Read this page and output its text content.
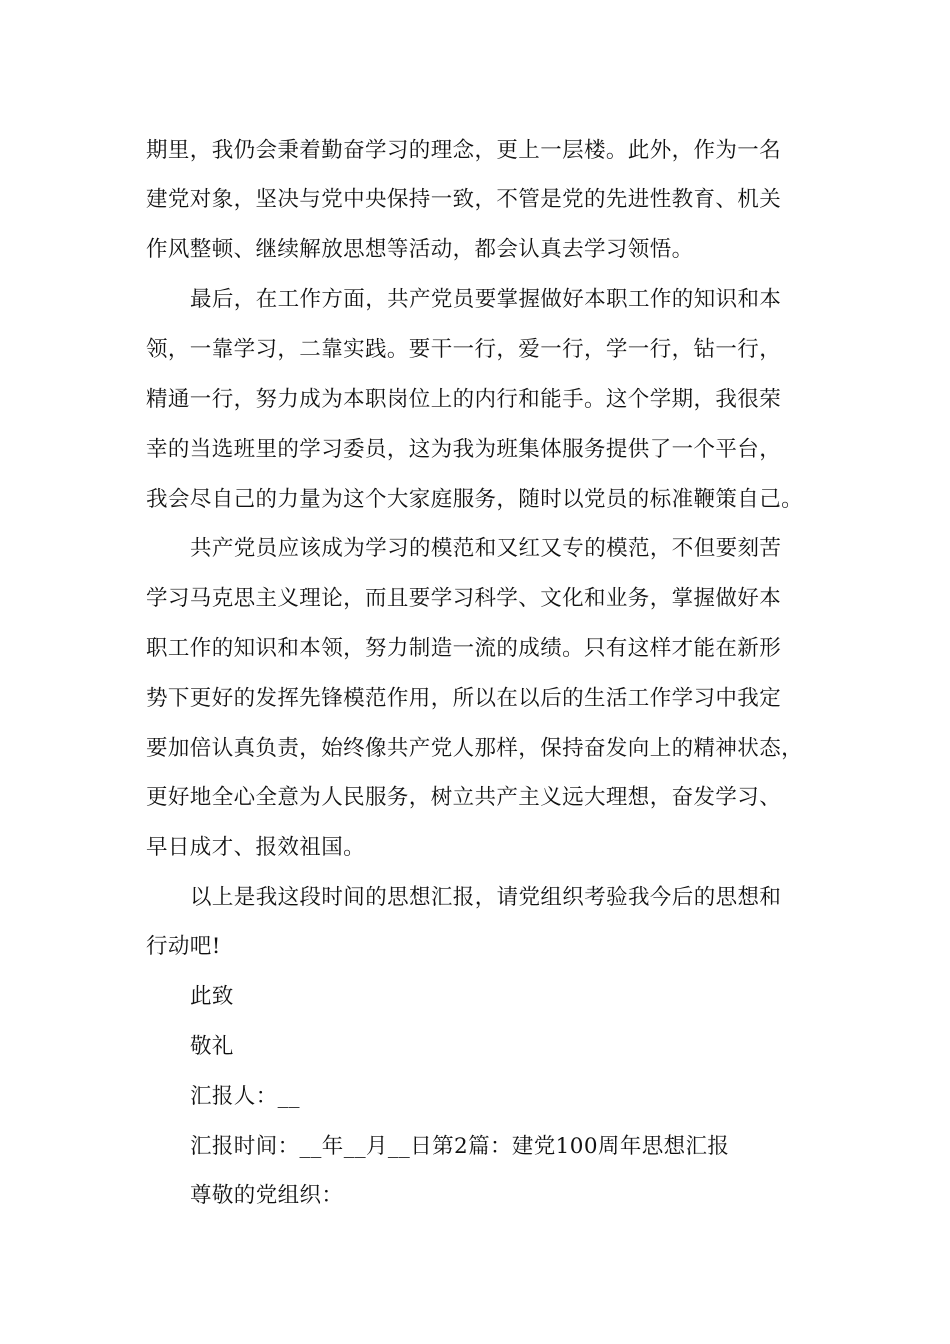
期里，我仍会秉着勤奋学习的理念，更上一层楼。此外，作为一名
建党对象，坚决与党中央保持一致，不管是党的先进性教育、机关
作风整顿、继续解放思想等活动，都会认真去学习领悟。
最后，在工作方面，共产党员要掌握做好本职工作的知识和本
领，一靠学习，二靠实践。要干一行，爱一行，学一行，钻一行，
精通一行，努力成为本职岗位上的内行和能手。这个学期，我很荣
幸的当选班里的学习委员，这为我为班集体服务提供了一个平台，
我会尽自己的力量为这个大家庭服务，随时以党员的标准鞭策自己。
共产党员应该成为学习的模范和又红又专的模范，不但要刻苦
学习马克思主义理论，而且要学习科学、文化和业务，掌握做好本
职工作的知识和本领，努力制造一流的成绩。只有这样才能在新形
势下更好的发挥先锋模范作用，所以在以后的生活工作学习中我定
要加倍认真负责，始终像共产党人那样，保持奋发向上的精神状态，
更好地全心全意为人民服务，树立共产主义远大理想，奋发学习、
早日成才、报效祖国。
以上是我这段时间的思想汇报，请党组织考验我今后的思想和
行动吧!
此致
敬礼
汇报人：__
汇报时间：__年__月__日第2篇：建党100周年思想汇报
尊敬的党组织：
